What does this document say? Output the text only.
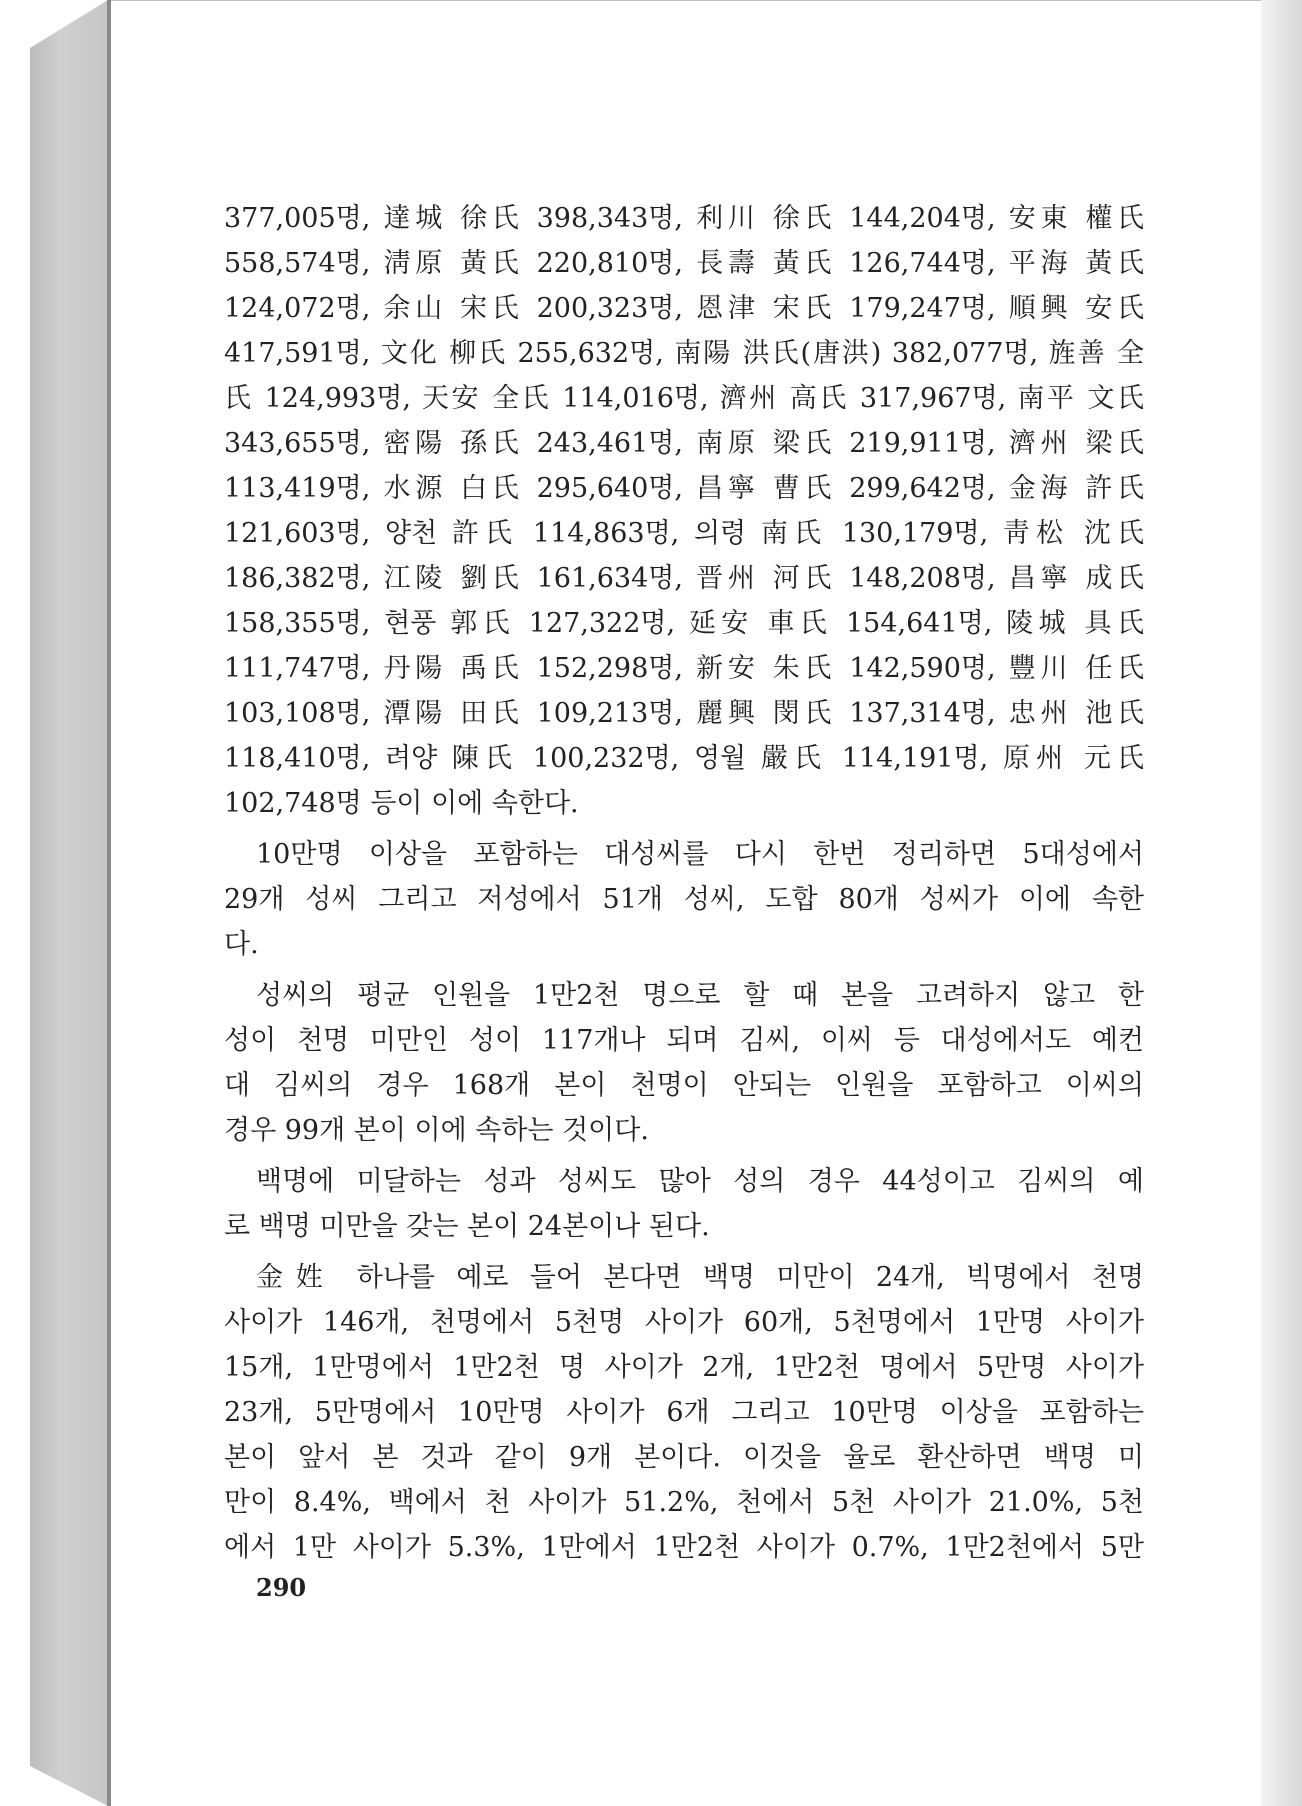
377,005명, 達城 徐氏 398,343명, 利川 徐氏 144,204명, 安東 權氏
558,574명, 淸原 黃氏 220,810명, 長壽 黃氏 126,744명, 平海 黃氏
124,072명, 余山 宋氏 200,323명, 恩津 宋氏 179,247명, 順興 安氏
417,591명, 文化 柳氏 255,632명, 南陽 洪氏(唐洪) 382,077명, 旌善 全
氏 124,993명, 天安 全氏 114,016명, 濟州 高氏 317,967명, 南平 文氏
343,655명, 密陽 孫氏 243,461명, 南原 梁氏 219,911명, 濟州 梁氏
113,419명, 水源 白氏 295,640명, 昌寧 曹氏 299,642명, 金海 許氏
121,603명, 양천 許氏 114,863명, 의령 南氏 130,179명, 靑松 沈氏
186,382명, 江陵 劉氏 161,634명, 晋州 河氏 148,208명, 昌寧 成氏
158,355명, 현풍 郭氏 127,322명, 延安 車氏 154,641명, 陵城 具氏
111,747명, 丹陽 禹氏 152,298명, 新安 朱氏 142,590명, 豐川 任氏
103,108명, 潭陽 田氏 109,213명, 麗興 閔氏 137,314명, 忠州 池氏
118,410명, 려양 陳氏 100,232명, 영월 嚴氏 114,191명, 原州 元氏
102,748명 등이 이에 속한다.
10만명 이상을 포함하는 대성씨를 다시 한번 정리하면 5대성에서
29개 성씨 그리고 저성에서 51개 성씨, 도합 80개 성씨가 이에 속한
다.
성씨의 평균 인원을 1만2천 명으로 할 때 본을 고려하지 않고 한
성이 천명 미만인 성이 117개나 되며 김씨, 이씨 등 대성에서도 예컨
대 김씨의 경우 168개 본이 천명이 안되는 인원을 포함하고 이씨의
경우 99개 본이 이에 속하는 것이다.
백명에 미달하는 성과 성씨도 많아 성의 경우 44성이고 김씨의 예
로 백명 미만을 갖는 본이 24본이나 된다.
金姓 하나를 예로 들어 본다면 백명 미만이 24개, 빅명에서 천명
사이가 146개, 천명에서 5천명 사이가 60개, 5천명에서 1만명 사이가
15개, 1만명에서 1만2천 명 사이가 2개, 1만2천 명에서 5만명 사이가
23개, 5만명에서 10만명 사이가 6개 그리고 10만명 이상을 포함하는
본이 앞서 본 것과 같이 9개 본이다. 이것을 율로 환산하면 백명 미
만이 8.4%, 백에서 천 사이가 51.2%, 천에서 5천 사이가 21.0%, 5천
에서 1만 사이가 5.3%, 1만에서 1만2천 사이가 0.7%, 1만2천에서 5만
290
